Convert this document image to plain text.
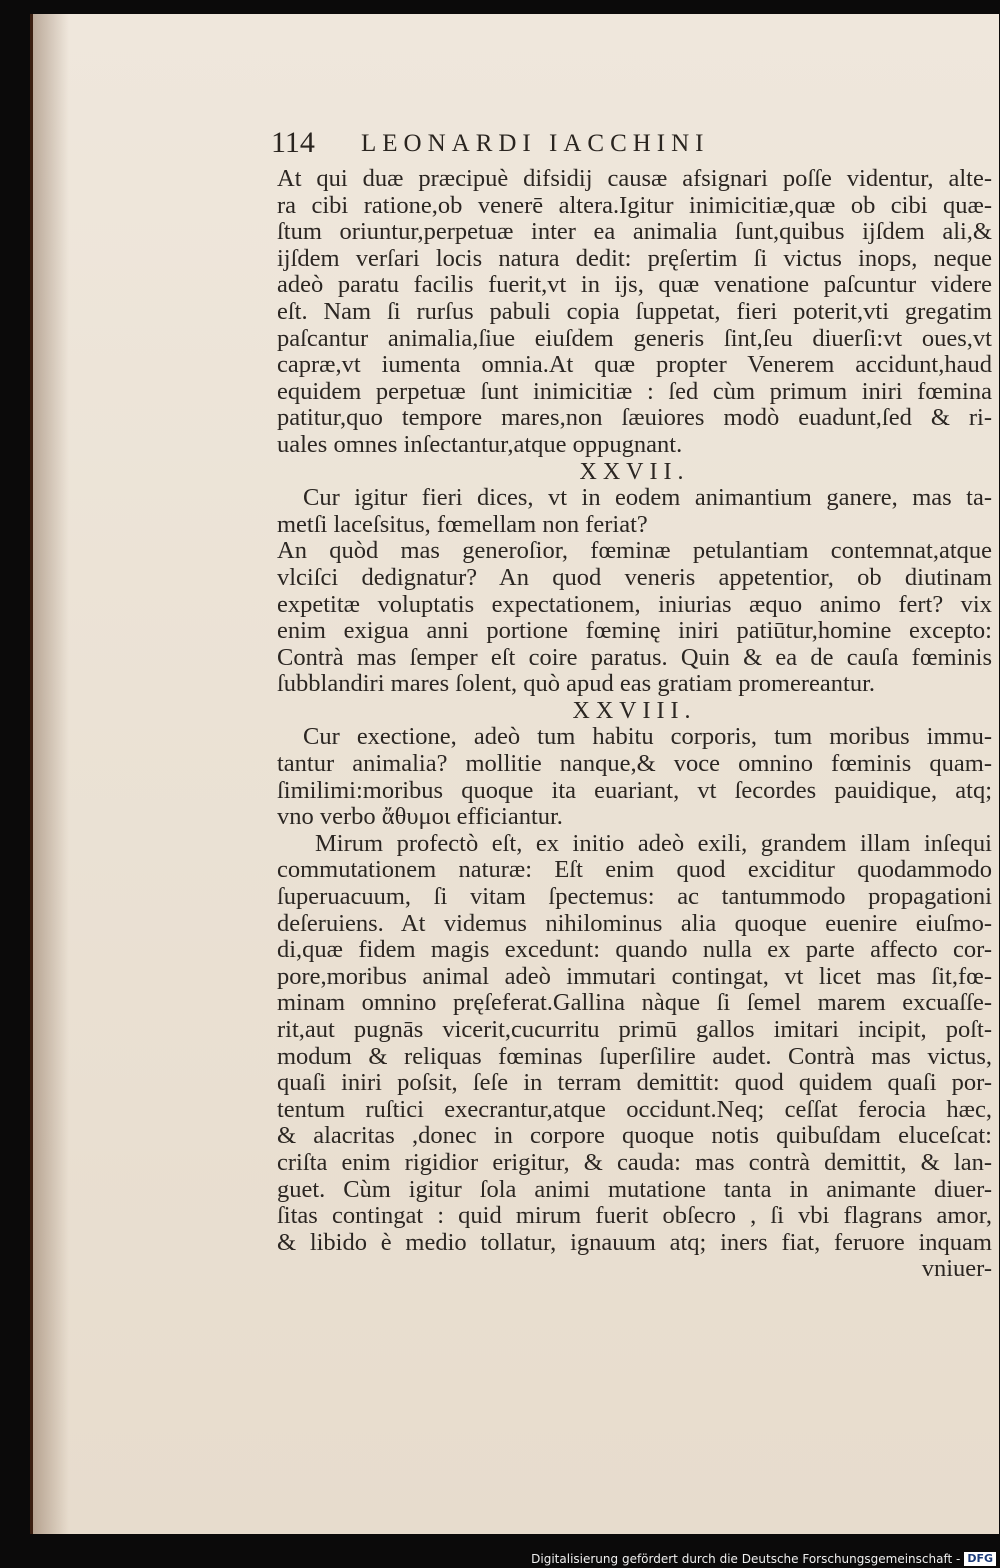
114 LEONARDI IACCHINI
At qui duæ præcipuè difsidij causæ afsignari poſſe videntur, alte-
ra cibi ratione,ob venerē altera.Igitur inimicitiæ,quæ ob cibi quæ-
ſtum oriuntur,perpetuæ inter ea animalia ſunt,quibus ijſdem ali,&
ijſdem verſari locis natura dedit: pręſertim ſi victus inops, neque
adeò paratu facilis fuerit,vt in ijs, quæ venatione paſcuntur videre
eſt. Nam ſi rurſus pabuli copia ſuppetat, fieri poterit,vti gregatim
paſcantur animalia,ſiue eiuſdem generis ſint,ſeu diuerſi:vt oues,vt
capræ,vt iumenta omnia.At quæ propter Venerem accidunt,haud
equidem perpetuæ ſunt inimicitiæ : ſed cùm primum iniri fœmina
patitur,quo tempore mares,non ſæuiores modò euadunt,ſed & ri-
uales omnes inſectantur,atque oppugnant.
XXVII.
Cur igitur fieri dices, vt in eodem animantium ganere, mas ta-
metſi laceſsitus, fœmellam non feriat?
An quòd mas generoſior, fœminæ petulantiam contemnat,atque
vlciſci dedignatur? An quod veneris appetentior, ob diutinam
expetitæ voluptatis expectationem, iniurias æquo animo fert? vix
enim exigua anni portione fœminę iniri patiūtur,homine excepto:
Contrà mas ſemper eſt coire paratus. Quin & ea de cauſa fœminis
ſubblandiri mares ſolent, quò apud eas gratiam promereantur.
XXVIII.
Cur exectione, adeò tum habitu corporis, tum moribus immu-
tantur animalia? mollitie nanque,& voce omnino fœminis quam-
ſimilimi:moribus quoque ita euariant, vt ſecordes pauidique, atq;
vno verbo ἄθυμοι efficiantur.
Mirum profectò eſt, ex initio adeò exili, grandem illam inſequi
commutationem naturæ: Eſt enim quod exciditur quodammodo
ſuperuacuum, ſi vitam ſpectemus: ac tantummodo propagationi
deſeruiens. At videmus nihilominus alia quoque euenire eiuſmo-
di,quæ fidem magis excedunt: quando nulla ex parte affecto cor-
pore,moribus animal adeò immutari contingat, vt licet mas ſit,fœ-
minam omnino pręſeferat.Gallina nàque ſi ſemel marem excuaſſe-
rit,aut pugnās vicerit,cucurritu primū gallos imitari incipit, poſt-
modum & reliquas fœminas ſuperſilire audet. Contrà mas victus,
quaſi iniri poſsit, ſeſe in terram demittit: quod quidem quaſi por-
tentum ruſtici execrantur,atque occidunt.Neq; ceſſat ferocia hæc,
& alacritas ,donec in corpore quoque notis quibuſdam eluceſcat:
criſta enim rigidior erigitur, & cauda: mas contrà demittit, & lan-
guet. Cùm igitur ſola animi mutatione tanta in animante diuer-
ſitas contingat : quid mirum fuerit obſecro , ſi vbi flagrans amor,
& libido è medio tollatur, ignauum atq; iners fiat, feruore inquam
vniuer-
Digitalisierung gefördert durch die Deutsche Forschungsgemeinschaft - DFG
